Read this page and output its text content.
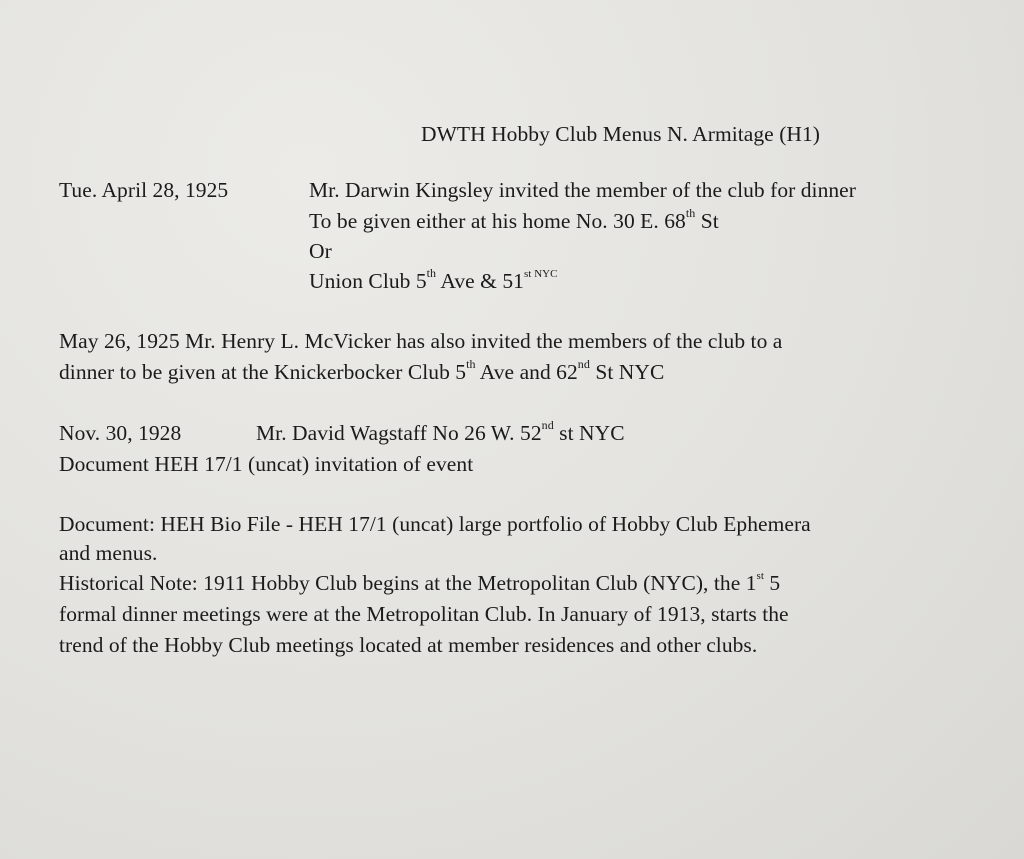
DWTH Hobby Club Menus N. Armitage (H1)
Tue. April 28, 1925	Mr. Darwin Kingsley invited the member of the club for dinner
To be given either at his home No. 30 E. 68th St
Or
Union Club 5th Ave & $51^{st NYC}$
May 26, 1925 Mr. Henry L. McVicker has also invited the members of the club to a
dinner to be given at the Knickerbocker Club 5th Ave and 62nd St NYC
Nov. 30, 1928	Mr. David Wagstaff No 26 W. 52nd st NYC
Document HEH 17/1 (uncat) invitation of event
Document: HEH Bio File - HEH 17/1 (uncat) large portfolio of Hobby Club Ephemera
and menus.
Historical Note: 1911 Hobby Club begins at the Metropolitan Club (NYC), the 1st 5
formal dinner meetings were at the Metropolitan Club. In January of 1913, starts the
trend of the Hobby Club meetings located at member residences and other clubs.
